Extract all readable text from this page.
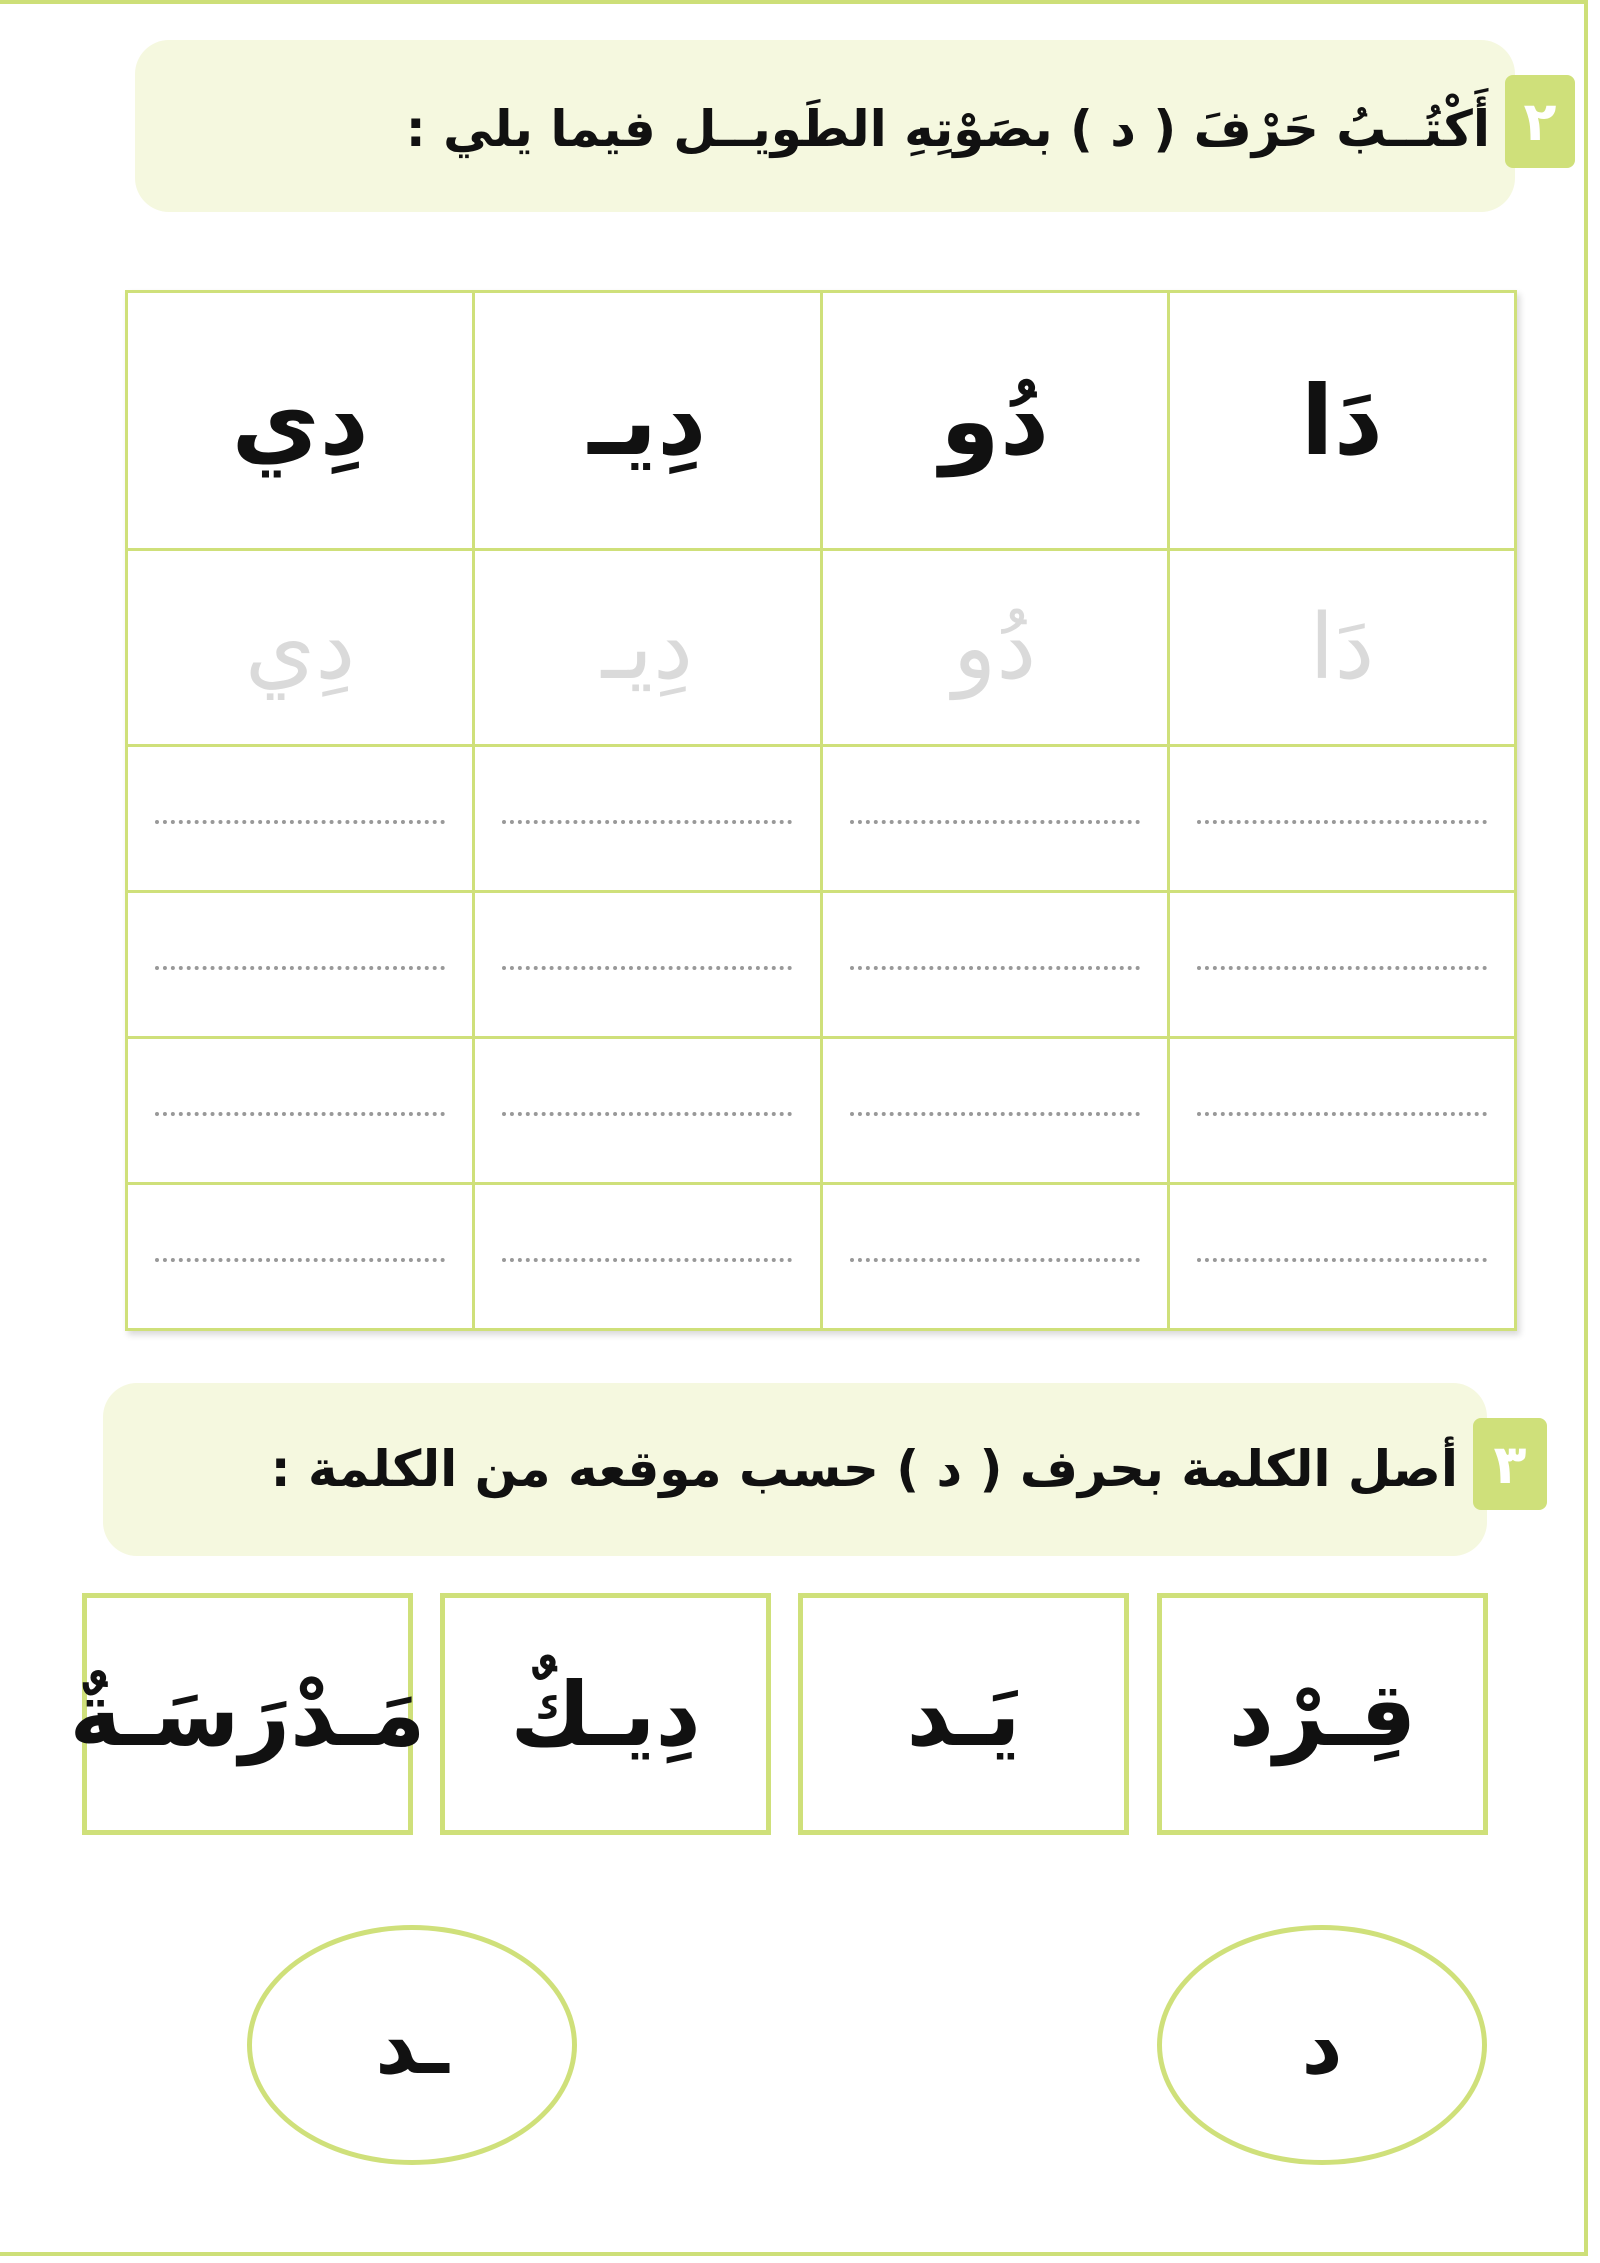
٢
أَكْتُــبُ حَرْفَ ( د ) بصَوْتِهِ الطَويــل فيما يلي :
دَا	دُو	دِيـ	دِي
دَا	دُو	دِيـ	دِي

٣
أصل الكلمة بحرف ( د ) حسب موقعه من الكلمة :
قِـرْد
يَـد
دِيـكٌ
مَـدْرَسَـةٌ
د
ـد
